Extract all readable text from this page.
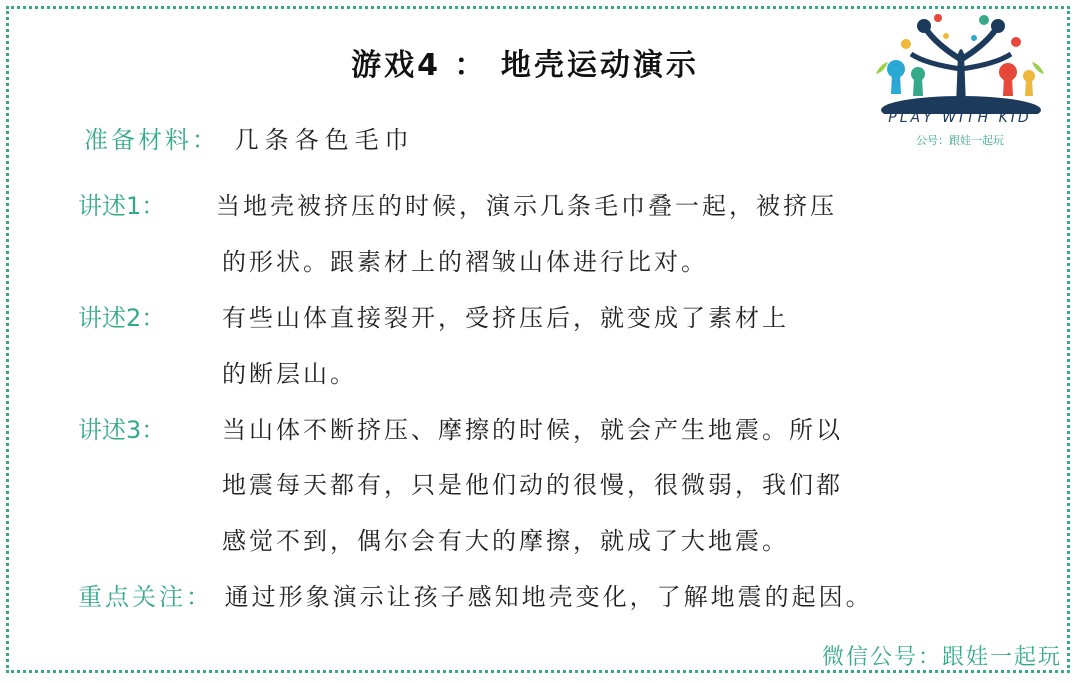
游戏4 ： 地壳运动演示
PLAY WITH KID
公号：跟娃一起玩
准备材料： 几条各色毛巾
讲述1： 当地壳被挤压的时候，演示几条毛巾叠一起，被挤压
的形状。跟素材上的褶皱山体进行比对。
讲述2： 有些山体直接裂开，受挤压后，就变成了素材上
的断层山。
讲述3： 当山体不断挤压、摩擦的时候，就会产生地震。所以
地震每天都有，只是他们动的很慢，很微弱，我们都
感觉不到，偶尔会有大的摩擦，就成了大地震。
重点关注： 通过形象演示让孩子感知地壳变化，了解地震的起因。
微信公号：跟娃一起玩
